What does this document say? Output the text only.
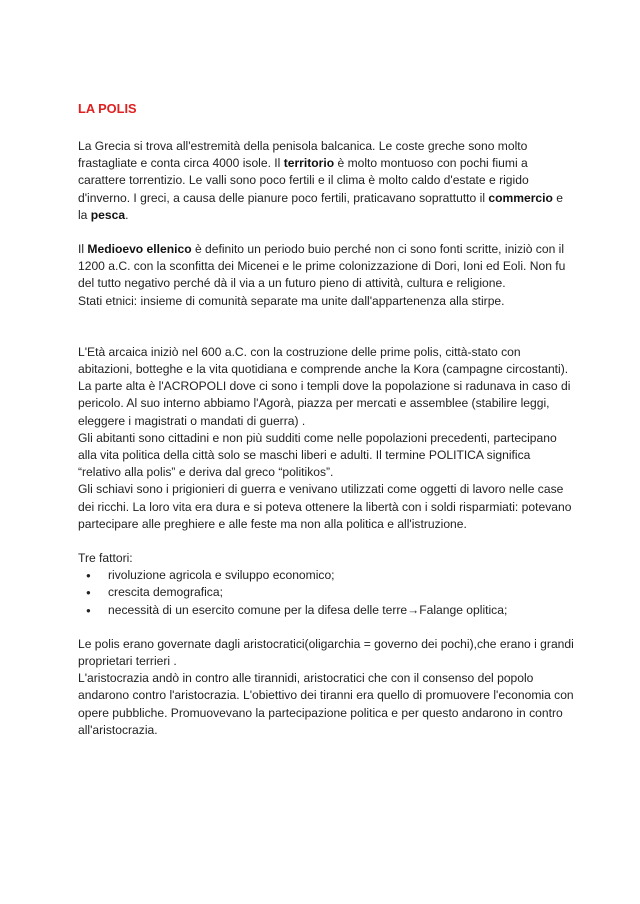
LA POLIS

La Grecia si trova all'estremità della penisola balcanica. Le coste greche sono molto frastagliate e conta circa 4000 isole. Il territorio è molto montuoso con pochi fiumi a carattere torrentizio. Le valli sono poco fertili e il clima è molto caldo d'estate e rigido d'inverno. I greci, a causa delle pianure poco fertili, praticavano soprattutto il commercio e la pesca.

Il Medioevo ellenico è definito un periodo buio perché non ci sono fonti scritte, iniziò con il 1200 a.C. con la sconfitta dei Micenei e le prime colonizzazione di Dori, Ioni ed Eoli. Non fu del tutto negativo perché dà il via a un futuro pieno di attività, cultura e religione.

Stati etnici: insieme di comunità separate ma unite dall'appartenenza alla stirpe.

L'Età arcaica iniziò nel 600 a.C. con la costruzione delle prime polis, città-stato con abitazioni, botteghe e la vita quotidiana e comprende anche la Kora (campagne circostanti).

La parte alta è l'ACROPOLI dove ci sono i templi dove la popolazione si radunava in caso di pericolo. Al suo interno abbiamo l'Agorà, piazza per mercati e assemblee (stabilire leggi, eleggere i magistrati o mandati di guerra) .

Gli abitanti sono cittadini e non più sudditi come nelle popolazioni precedenti, partecipano alla vita politica della città solo se maschi liberi e adulti. Il termine POLITICA significa “relativo alla polis” e deriva dal greco “politikos”.

Gli schiavi sono i prigionieri di guerra e venivano utilizzati come oggetti di lavoro nelle case dei ricchi. La loro vita era dura e si poteva ottenere la libertà con i soldi risparmiati: potevano partecipare alle preghiere e alle feste ma non alla politica e all'istruzione.

Tre fattori:

● rivoluzione agricola e sviluppo economico;
● crescita demografica;
● necessità di un esercito comune per la difesa delle terre→Falange oplitica;

Le polis erano governate dagli aristocratici(oligarchia = governo dei pochi),che erano i grandi proprietari terrieri .

L'aristocrazia andò in contro alle tirannidi, aristocratici che con il consenso del popolo andarono contro l'aristocrazia. L'obiettivo dei tiranni era quello di promuovere l'economia con opere pubbliche. Promuovevano la partecipazione politica e per questo andarono in contro all'aristocrazia.
